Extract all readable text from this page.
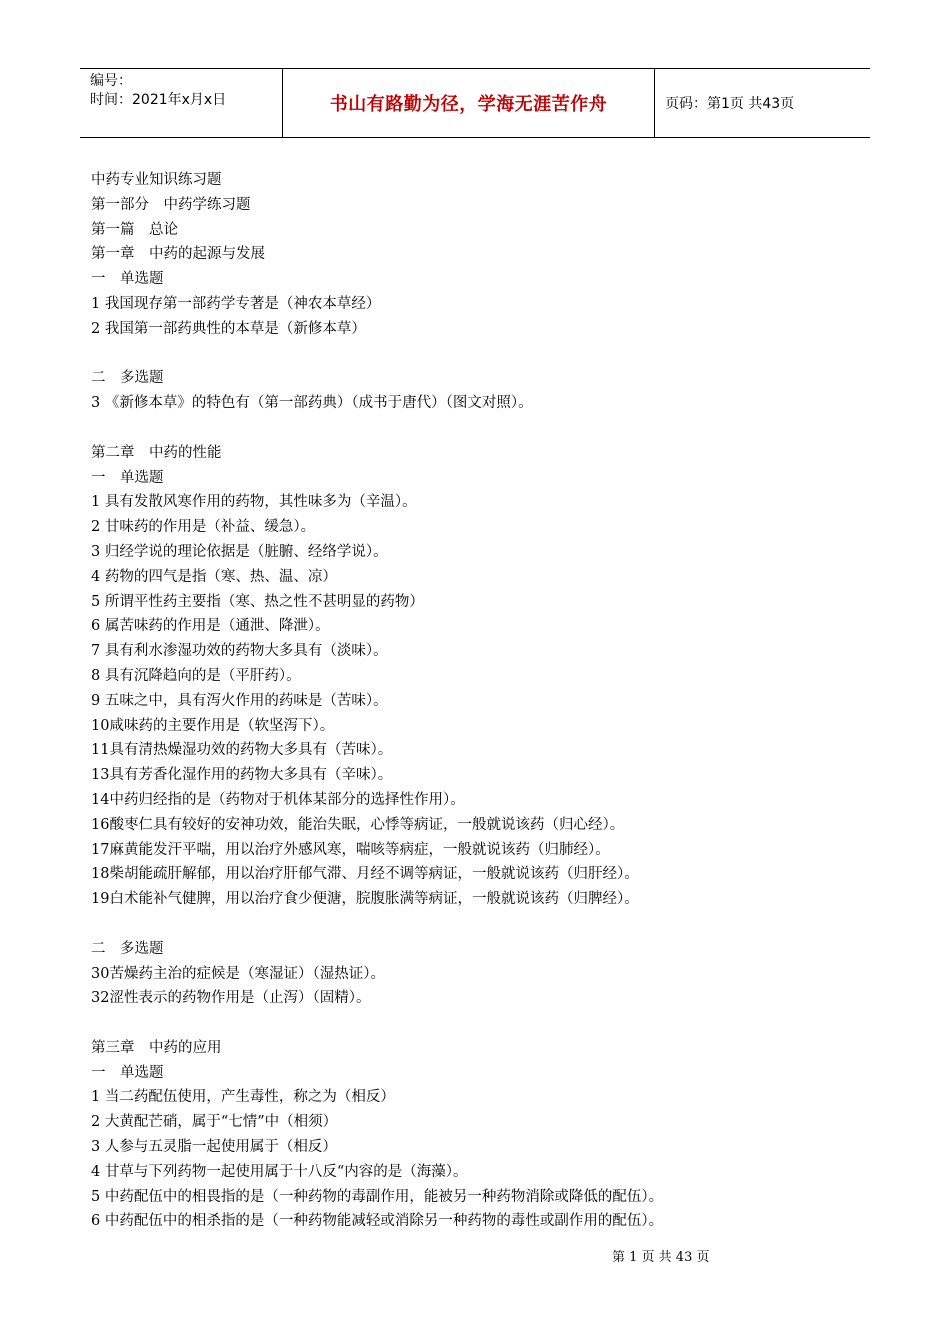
编号：
时间：2021年x月x日	书山有路勤为径，学海无涯苦作舟	页码：第1页 共43页
中药专业知识练习题
第一部分　中药学练习题
第一篇　总论
第一章　中药的起源与发展
一　单选题
1 我国现存第一部药学专著是（神农本草经）
2 我国第一部药典性的本草是（新修本草）
二　多选题
3 《新修本草》的特色有（第一部药典）（成书于唐代）（图文对照）。
第二章　中药的性能
一　单选题
1 具有发散风寒作用的药物，其性味多为（辛温）。
2 甘味药的作用是（补益、缓急）。
3 归经学说的理论依据是（脏腑、经络学说）。
4 药物的四气是指（寒、热、温、凉）
5 所谓平性药主要指（寒、热之性不甚明显的药物）
6 属苦味药的作用是（通泄、降泄）。
7 具有利水渗湿功效的药物大多具有（淡味）。
8 具有沉降趋向的是（平肝药）。
9 五味之中，具有泻火作用的药味是（苦味）。
10咸味药的主要作用是（软坚泻下）。
11具有清热燥湿功效的药物大多具有（苦味）。
13具有芳香化湿作用的药物大多具有（辛味）。
14中药归经指的是（药物对于机体某部分的选择性作用）。
16酸枣仁具有较好的安神功效，能治失眠，心悸等病证，一般就说该药（归心经）。
17麻黄能发汗平喘，用以治疗外感风寒，喘咳等病症，一般就说该药（归肺经）。
18柴胡能疏肝解郁，用以治疗肝郁气滞、月经不调等病证，一般就说该药（归肝经）。
19白术能补气健脾，用以治疗食少便溏，脘腹胀满等病证，一般就说该药（归脾经）。
二　多选题
30苦燥药主治的症候是（寒湿证）（湿热证）。
32涩性表示的药物作用是（止泻）（固精）。
第三章　中药的应用
一　单选题
1 当二药配伍使用，产生毒性，称之为（相反）
2 大黄配芒硝，属于“七情”中（相须）
3 人参与五灵脂一起使用属于（相反）
4 甘草与下列药物一起使用属于十八反“内容的是（海藻）。
5 中药配伍中的相畏指的是（一种药物的毒副作用，能被另一种药物消除或降低的配伍）。
6 中药配伍中的相杀指的是（一种药物能减轻或消除另一种药物的毒性或副作用的配伍）。
第 1 页 共 43 页
